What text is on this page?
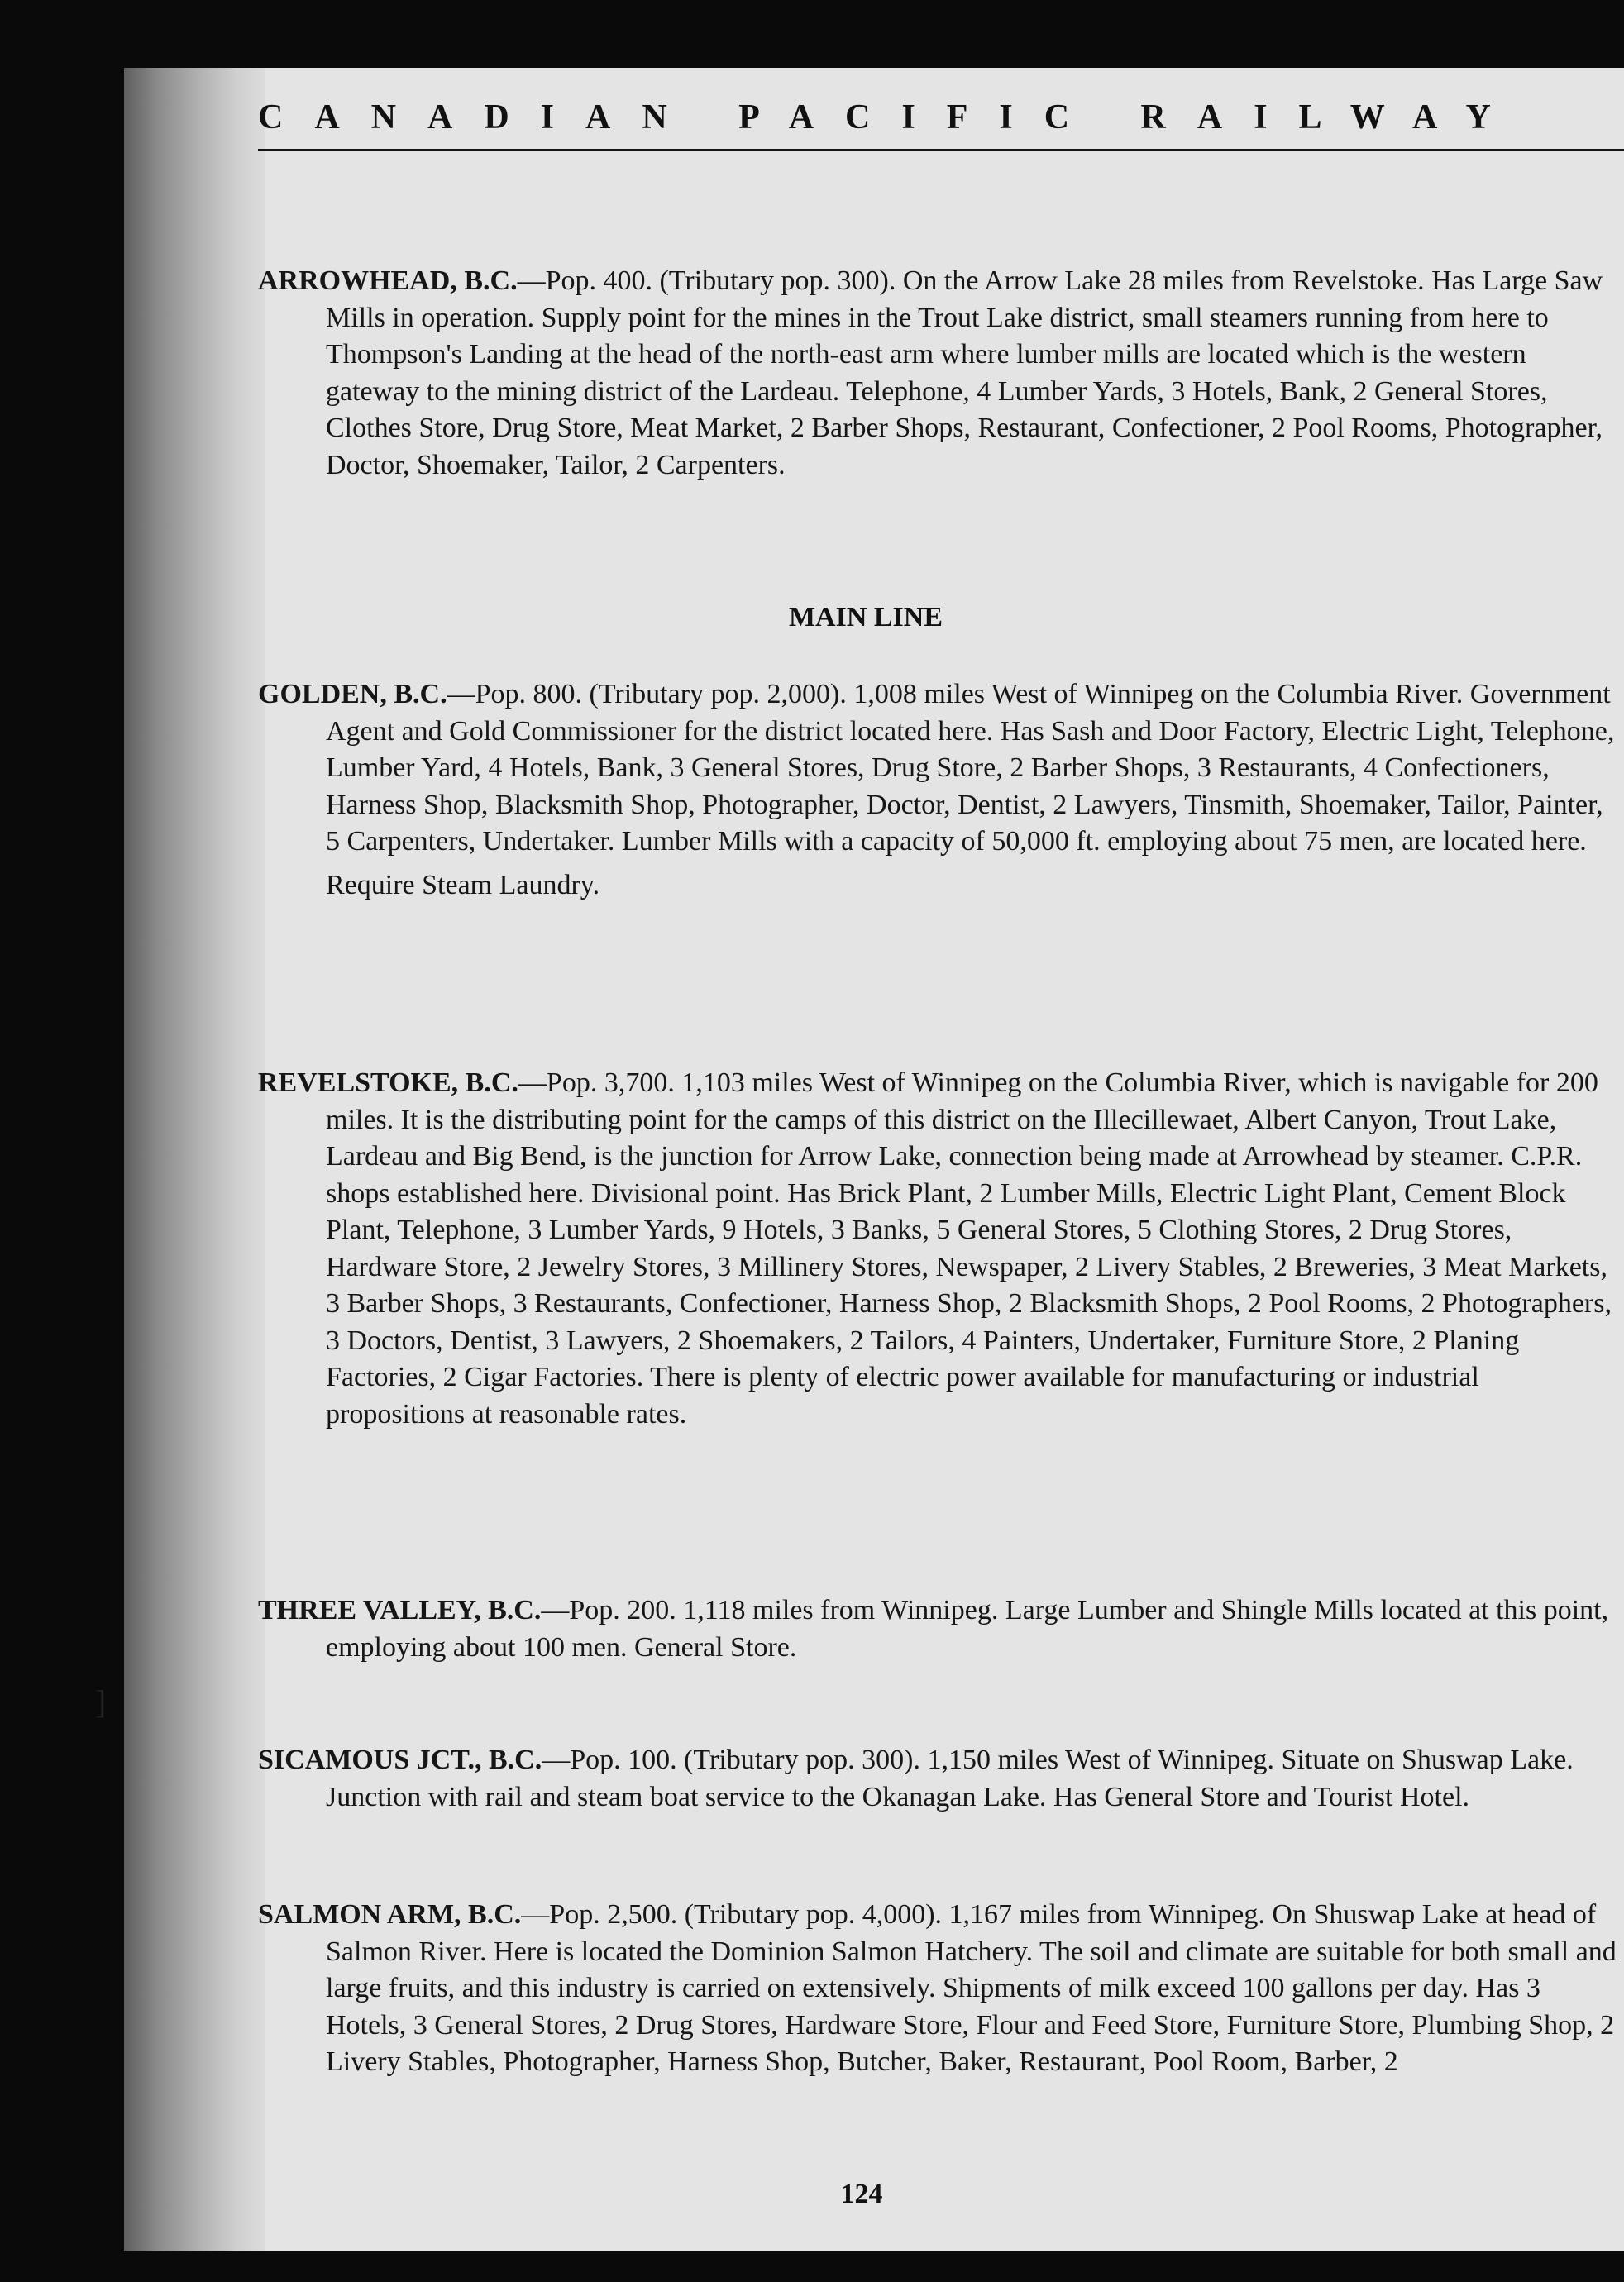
]
CANADIAN PACIFIC RAILWAY

ARROWHEAD, B.C.—Pop. 400. (Tributary pop. 300). On the Arrow Lake 28 miles from Revelstoke. Has Large Saw Mills in operation. Supply point for the mines in the Trout Lake district, small steamers running from here to Thompson's Landing at the head of the north-east arm where lumber mills are located which is the western gateway to the mining district of the Lardeau. Telephone, 4 Lumber Yards, 3 Hotels, Bank, 2 General Stores, Clothes Store, Drug Store, Meat Market, 2 Barber Shops, Restaurant, Confectioner, 2 Pool Rooms, Photographer, Doctor, Shoemaker, Tailor, 2 Carpenters.

MAIN LINE

GOLDEN, B.C.—Pop. 800. (Tributary pop. 2,000). 1,008 miles West of Winnipeg on the Columbia River. Government Agent and Gold Commissioner for the district located here. Has Sash and Door Factory, Electric Light, Telephone, Lumber Yard, 4 Hotels, Bank, 3 General Stores, Drug Store, 2 Barber Shops, 3 Restaurants, 4 Confectioners, Harness Shop, Blacksmith Shop, Photographer, Doctor, Dentist, 2 Lawyers, Tinsmith, Shoemaker, Tailor, Painter, 5 Carpenters, Undertaker. Lumber Mills with a capacity of 50,000 ft. employing about 75 men, are located here.

Require Steam Laundry.

REVELSTOKE, B.C.—Pop. 3,700. 1,103 miles West of Winnipeg on the Columbia River, which is navigable for 200 miles. It is the distributing point for the camps of this district on the Illecillewaet, Albert Canyon, Trout Lake, Lardeau and Big Bend, is the junction for Arrow Lake, connection being made at Arrowhead by steamer. C.P.R. shops established here. Divisional point. Has Brick Plant, 2 Lumber Mills, Electric Light Plant, Cement Block Plant, Telephone, 3 Lumber Yards, 9 Hotels, 3 Banks, 5 General Stores, 5 Clothing Stores, 2 Drug Stores, Hardware Store, 2 Jewelry Stores, 3 Millinery Stores, Newspaper, 2 Livery Stables, 2 Breweries, 3 Meat Markets, 3 Barber Shops, 3 Restaurants, Confectioner, Harness Shop, 2 Blacksmith Shops, 2 Pool Rooms, 2 Photographers, 3 Doctors, Dentist, 3 Lawyers, 2 Shoemakers, 2 Tailors, 4 Painters, Undertaker, Furniture Store, 2 Planing Factories, 2 Cigar Factories. There is plenty of electric power available for manufacturing or industrial propositions at reasonable rates.

THREE VALLEY, B.C.—Pop. 200. 1,118 miles from Winnipeg. Large Lumber and Shingle Mills located at this point, employing about 100 men. General Store.

SICAMOUS JCT., B.C.—Pop. 100. (Tributary pop. 300). 1,150 miles West of Winnipeg. Situate on Shuswap Lake. Junction with rail and steam boat service to the Okanagan Lake. Has General Store and Tourist Hotel.

SALMON ARM, B.C.—Pop. 2,500. (Tributary pop. 4,000). 1,167 miles from Winnipeg. On Shuswap Lake at head of Salmon River. Here is located the Dominion Salmon Hatchery. The soil and climate are suitable for both small and large fruits, and this industry is carried on extensively. Shipments of milk exceed 100 gallons per day. Has 3 Hotels, 3 General Stores, 2 Drug Stores, Hardware Store, Flour and Feed Store, Furniture Store, Plumbing Shop, 2 Livery Stables, Photographer, Harness Shop, Butcher, Baker, Restaurant, Pool Room, Barber, 2

124
